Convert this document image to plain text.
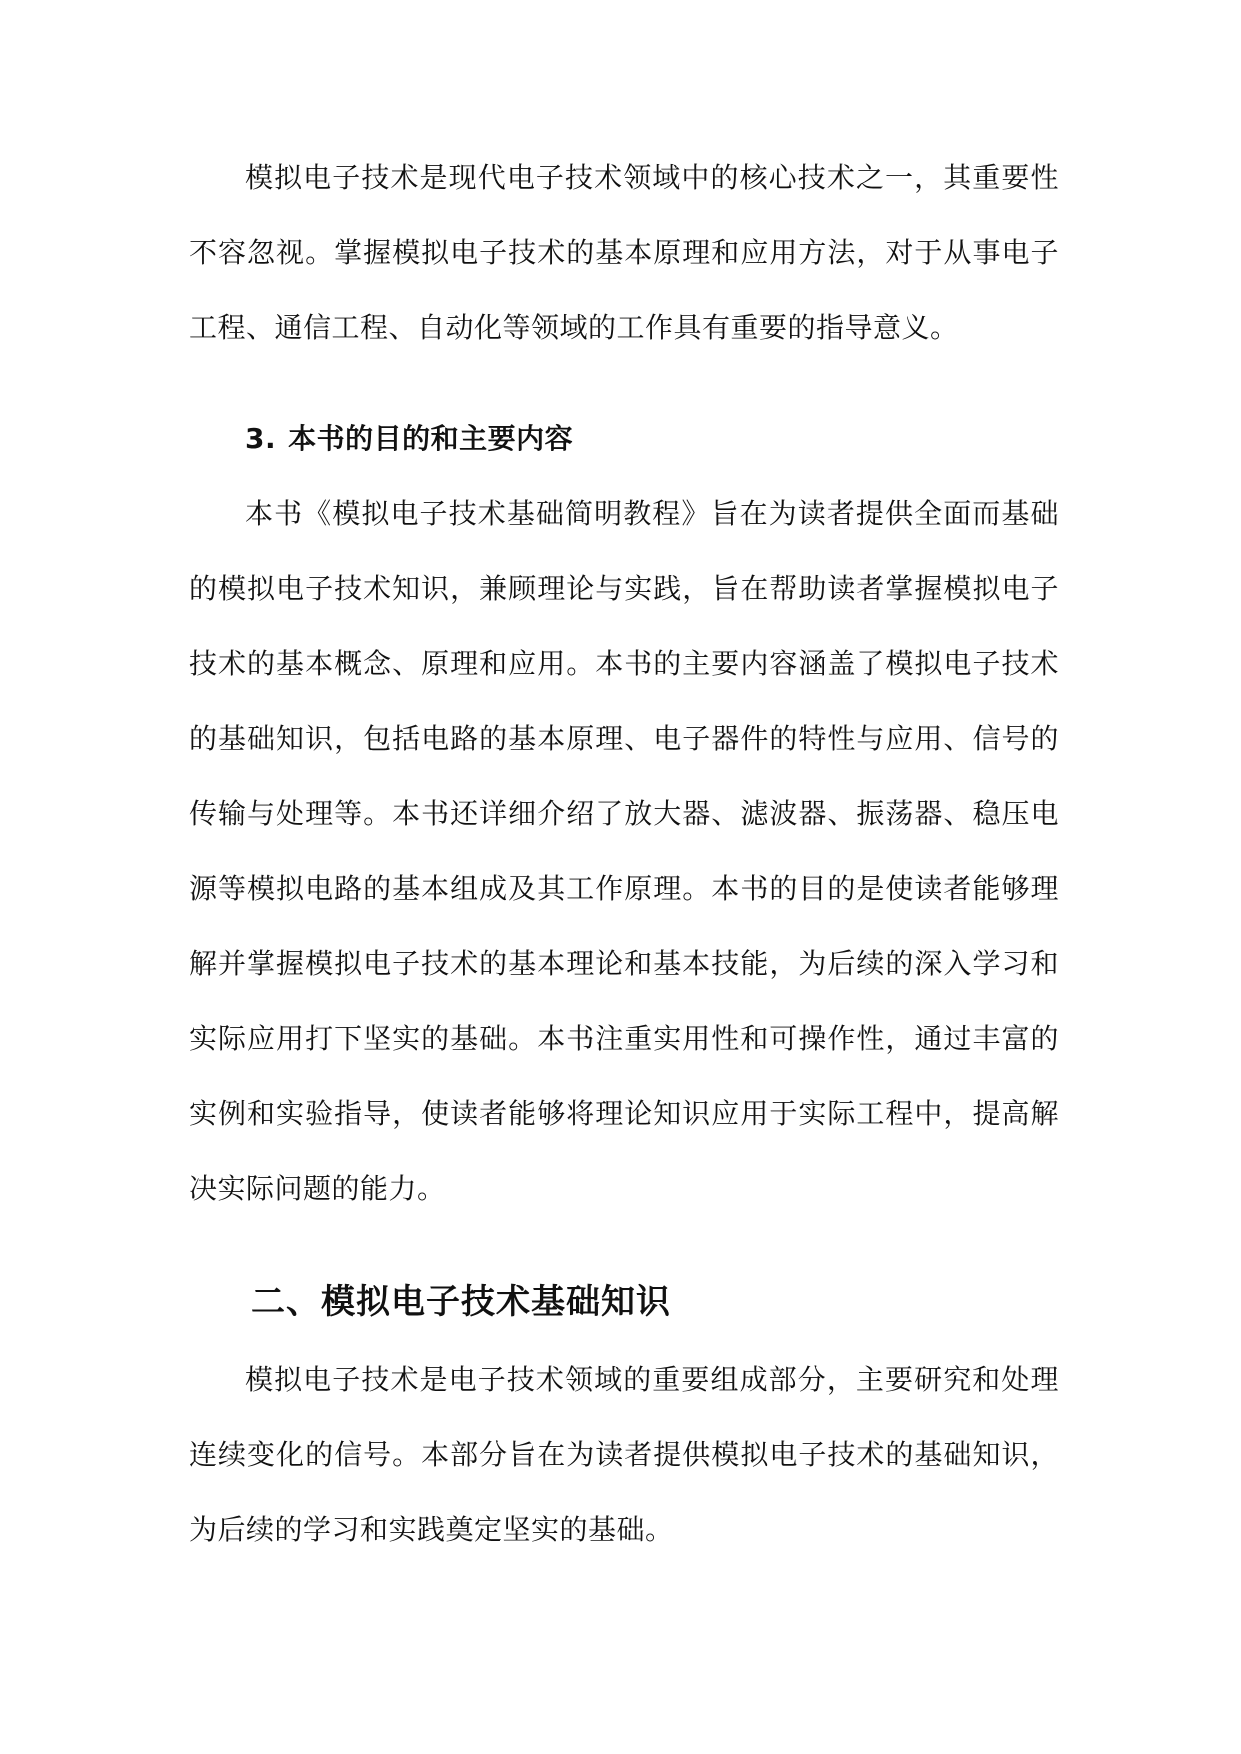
模拟电子技术是现代电子技术领域中的核心技术之一，其重要性不容忽视。掌握模拟电子技术的基本原理和应用方法，对于从事电子工程、通信工程、自动化等领域的工作具有重要的指导意义。

3. 本书的目的和主要内容

本书《模拟电子技术基础简明教程》旨在为读者提供全面而基础的模拟电子技术知识，兼顾理论与实践，旨在帮助读者掌握模拟电子技术的基本概念、原理和应用。本书的主要内容涵盖了模拟电子技术的基础知识，包括电路的基本原理、电子器件的特性与应用、信号的传输与处理等。本书还详细介绍了放大器、滤波器、振荡器、稳压电源等模拟电路的基本组成及其工作原理。本书的目的是使读者能够理解并掌握模拟电子技术的基本理论和基本技能，为后续的深入学习和实际应用打下坚实的基础。本书注重实用性和可操作性，通过丰富的实例和实验指导，使读者能够将理论知识应用于实际工程中，提高解决实际问题的能力。

二、模拟电子技术基础知识

模拟电子技术是电子技术领域的重要组成部分，主要研究和处理连续变化的信号。本部分旨在为读者提供模拟电子技术的基础知识，为后续的学习和实践奠定坚实的基础。
